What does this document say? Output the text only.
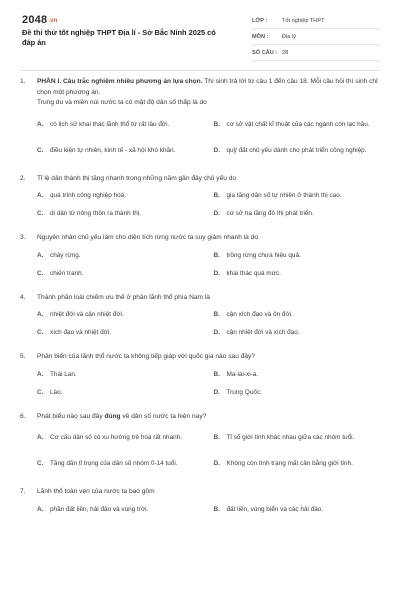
2048.vn
Đề thi thử tốt nghiệp THPT Địa lí - Sở Bắc Ninh 2025 có đáp án
LỚP :	Tốt nghiệp THPT
MÔN :	Địa lý
SỐ CÂU : 28
1.	PHẦN I. Câu trắc nghiệm nhiều phương án lựa chọn. Thí sinh trả lời từ câu 1 đến câu 18. Mỗi câu hỏi thí sinh chỉ chọn một phương án.
Trung du và miền núi nước ta có mật độ dân số thấp là do
A.	có lịch sử khai thác lãnh thổ từ rất lâu đời.	B.	cơ sở vật chất kĩ thuật của các ngành còn lạc hậu.
C.	điều kiện tự nhiên, kinh tế - xã hội khó khăn.	D.	quỹ đất chủ yếu dành cho phát triển công nghiệp.
2.	Tỉ lệ dân thành thị tăng nhanh trong những năm gần đây chủ yếu do
A.	quá trình công nghiệp hoá.	B.	gia tăng dân số tự nhiên ở thành thị cao.
C.	di dân từ nông thôn ra thành thị.	D.	cơ sở hạ tầng đô thị phát triển.
3.	Nguyên nhân chủ yếu làm cho diện tích rừng nước ta suy giảm nhanh là do
A.	cháy rừng.	B.	trồng rừng chưa hiệu quả.
C.	chiến tranh.	D.	khai thác quá mức.
4.	Thành phần loài chiếm ưu thế ở phần lãnh thổ phía Nam là
A.	nhiệt đới và cận nhiệt đới.	B.	cận xích đạo và ôn đới.
C.	xích đạo và nhiệt đới.	D.	cận nhiệt đới và xích đạo.
5.	Phần biển của lãnh thổ nước ta không tiếp giáp với quốc gia nào sau đây?
A.	Thái Lan.	B.	Ma-lai-xi-a.
C.	Lào.	D.	Trung Quốc.
6.	Phát biểu nào sau đây đúng về dân số nước ta hiện nay?
A.	Cơ cấu dân số có xu hướng trẻ hóa rất nhanh.	B.	Tỉ số giới tính khác nhau giữa các nhóm tuổi.
C.	Tăng dần tỉ trọng của dân số nhóm 0-14 tuổi.	D.	Không còn tình trạng mất cân bằng giới tính.
7.	Lãnh thổ toàn vẹn của nước ta bao gồm
A.	phần đất liền, hải đảo và vùng trời.	B.	đất liền, vùng biển và các hải đảo.
